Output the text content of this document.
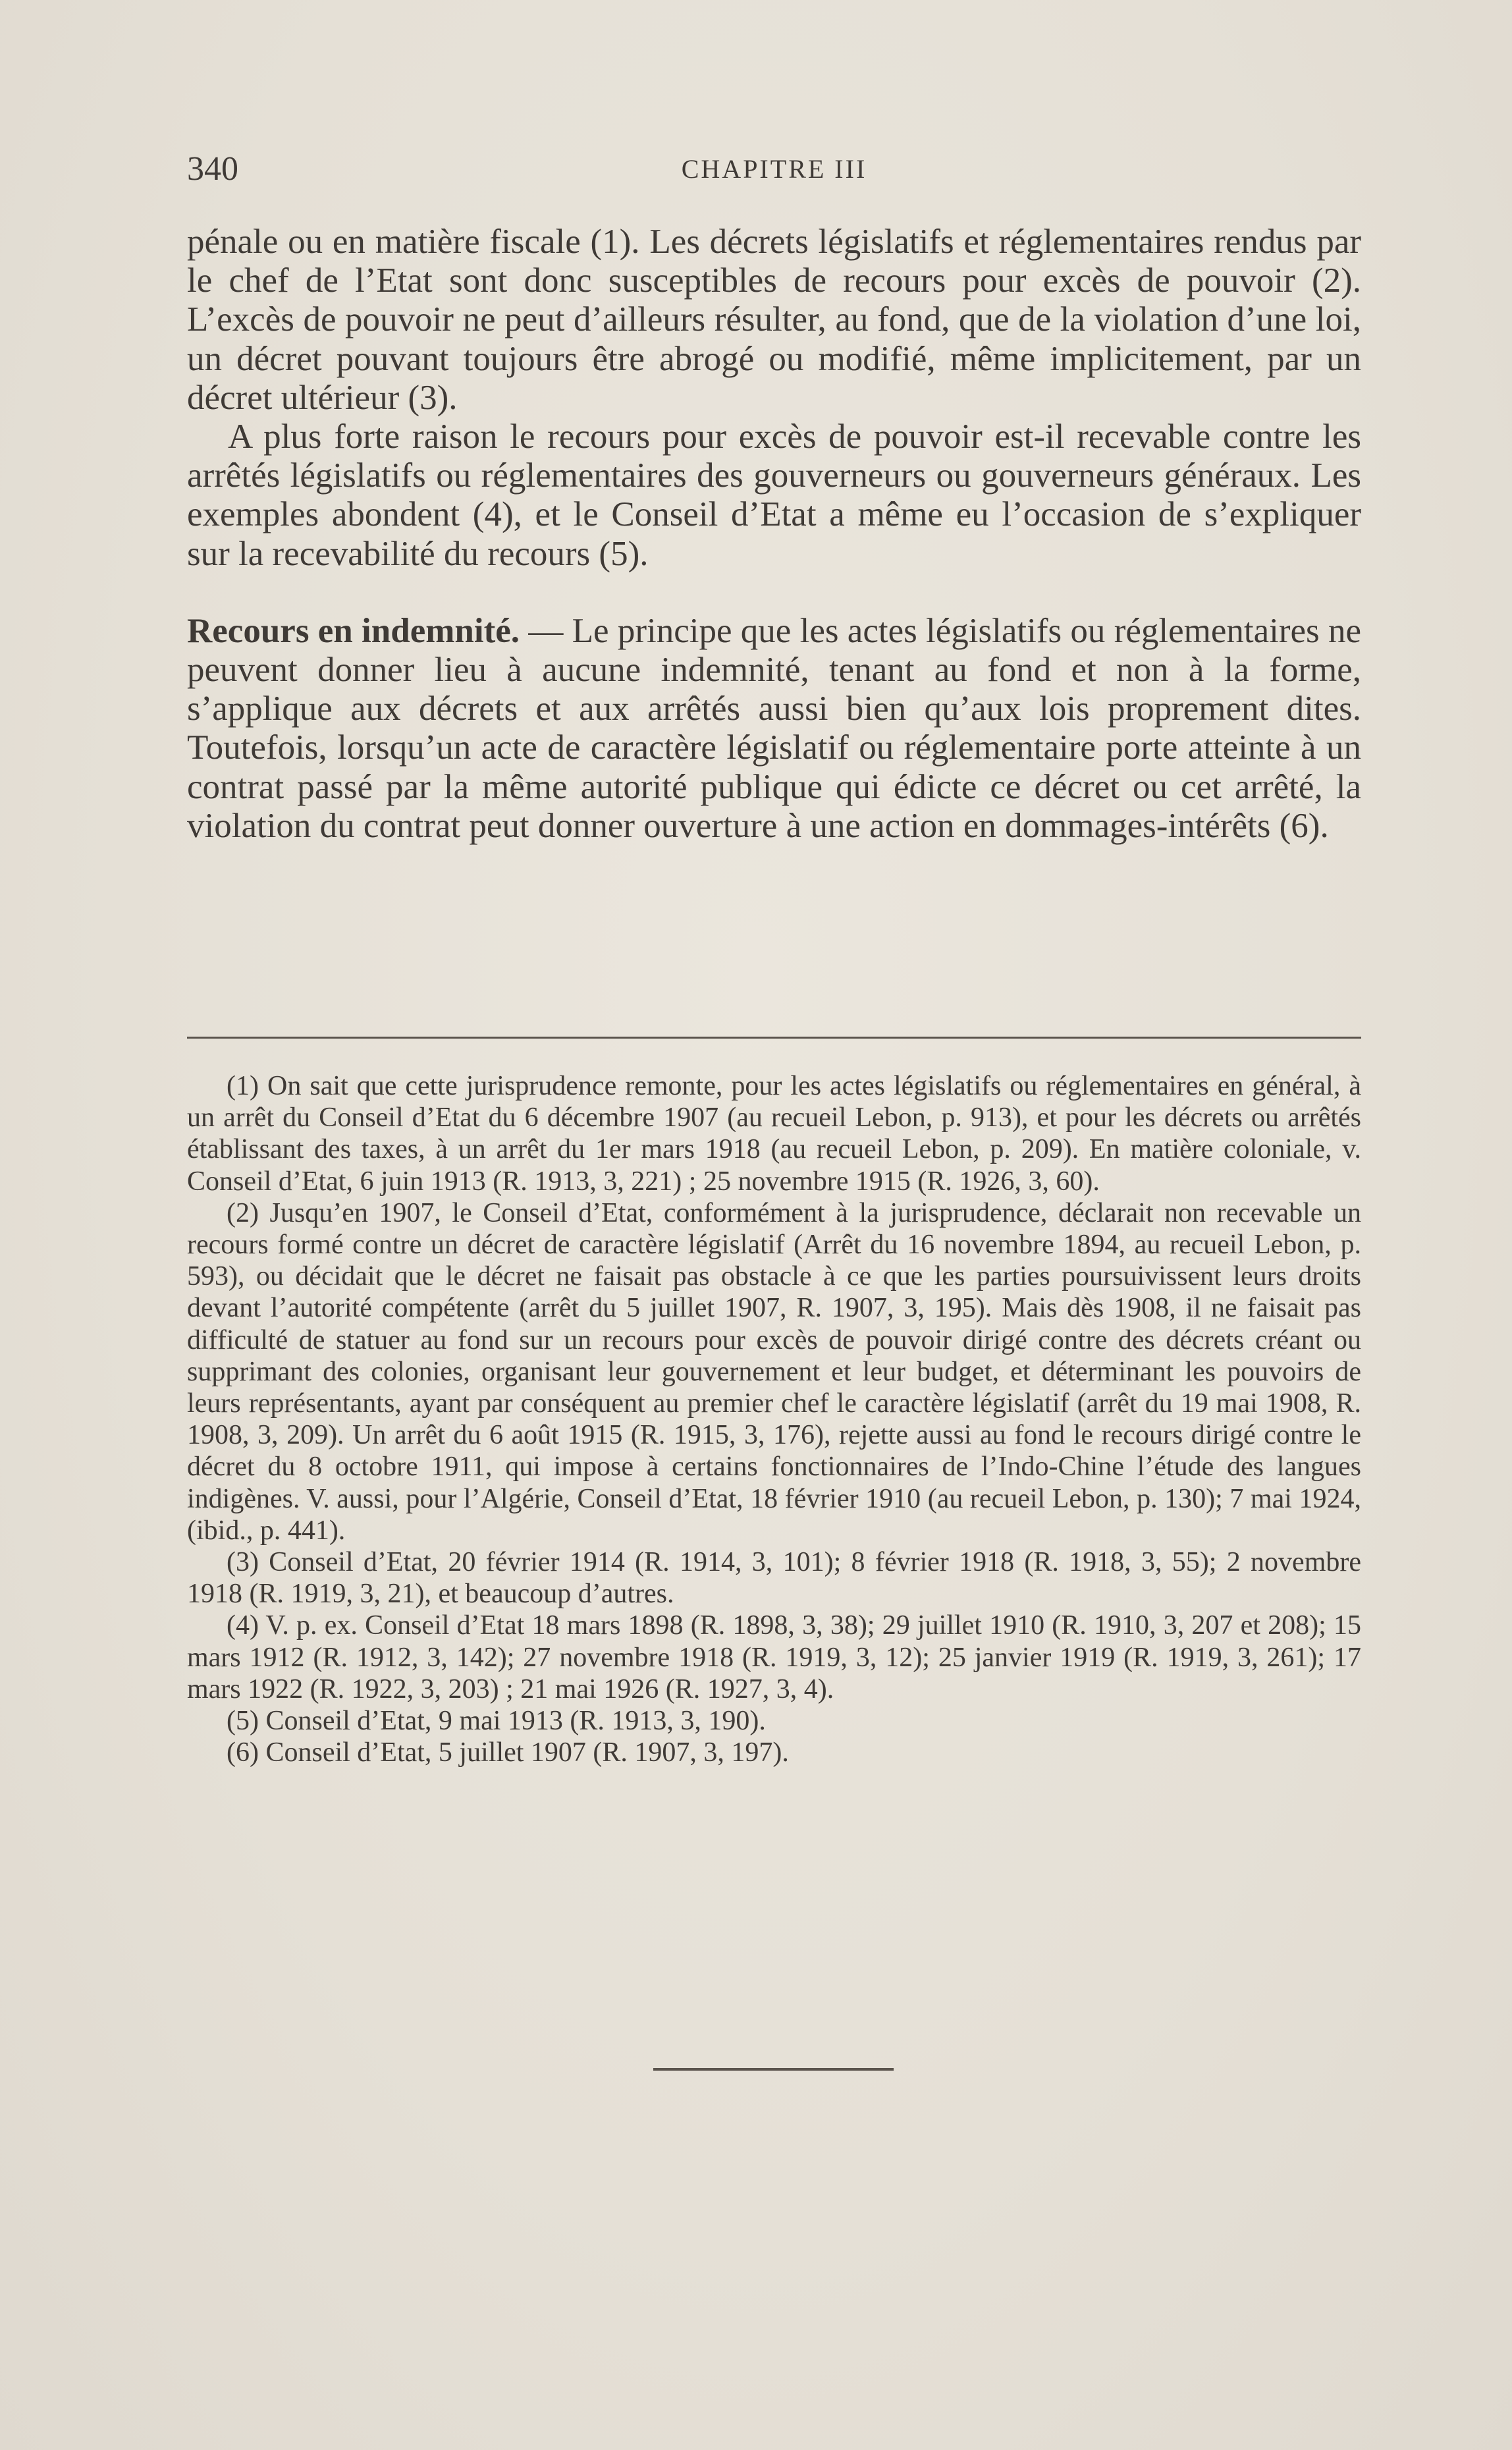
340	CHAPITRE III

pénale ou en matière fiscale (1). Les décrets législatifs et réglementaires rendus par le chef de l’Etat sont donc susceptibles de recours pour excès de pouvoir (2). L’excès de pouvoir ne peut d’ailleurs résulter, au fond, que de la violation d’une loi, un décret pouvant toujours être abrogé ou modifié, même implicitement, par un décret ultérieur (3).

A plus forte raison le recours pour excès de pouvoir est-il recevable contre les arrêtés législatifs ou réglementaires des gouverneurs ou gouverneurs généraux. Les exemples abondent (4), et le Conseil d’Etat a même eu l’occasion de s’expliquer sur la recevabilité du recours (5).

Recours en indemnité. — Le principe que les actes législatifs ou réglementaires ne peuvent donner lieu à aucune indemnité, tenant au fond et non à la forme, s’applique aux décrets et aux arrêtés aussi bien qu’aux lois proprement dites. Toutefois, lorsqu’un acte de caractère législatif ou réglementaire porte atteinte à un contrat passé par la même autorité publique qui édicte ce décret ou cet arrêté, la violation du contrat peut donner ouverture à une action en dommages-intérêts (6).

(1) On sait que cette jurisprudence remonte, pour les actes législatifs ou réglementaires en général, à un arrêt du Conseil d’Etat du 6 décembre 1907 (au recueil Lebon, p. 913), et pour les décrets ou arrêtés établissant des taxes, à un arrêt du 1er mars 1918 (au recueil Lebon, p. 209). En matière coloniale, v. Conseil d’Etat, 6 juin 1913 (R. 1913, 3, 221) ; 25 novembre 1915 (R. 1926, 3, 60).

(2) Jusqu’en 1907, le Conseil d’Etat, conformément à la jurisprudence, déclarait non recevable un recours formé contre un décret de caractère législatif (Arrêt du 16 novembre 1894, au recueil Lebon, p. 593), ou décidait que le décret ne faisait pas obstacle à ce que les parties poursuivissent leurs droits devant l’autorité compétente (arrêt du 5 juillet 1907, R. 1907, 3, 195). Mais dès 1908, il ne faisait pas difficulté de statuer au fond sur un recours pour excès de pouvoir dirigé contre des décrets créant ou supprimant des colonies, organisant leur gouvernement et leur budget, et déterminant les pouvoirs de leurs représentants, ayant par conséquent au premier chef le caractère législatif (arrêt du 19 mai 1908, R. 1908, 3, 209). Un arrêt du 6 août 1915 (R. 1915, 3, 176), rejette aussi au fond le recours dirigé contre le décret du 8 octobre 1911, qui impose à certains fonctionnaires de l’Indo-Chine l’étude des langues indigènes. V. aussi, pour l’Algérie, Conseil d’Etat, 18 février 1910 (au recueil Lebon, p. 130); 7 mai 1924, (ibid., p. 441).

(3) Conseil d’Etat, 20 février 1914 (R. 1914, 3, 101); 8 février 1918 (R. 1918, 3, 55); 2 novembre 1918 (R. 1919, 3, 21), et beaucoup d’autres.

(4) V. p. ex. Conseil d’Etat 18 mars 1898 (R. 1898, 3, 38); 29 juillet 1910 (R. 1910, 3, 207 et 208); 15 mars 1912 (R. 1912, 3, 142); 27 novembre 1918 (R. 1919, 3, 12); 25 janvier 1919 (R. 1919, 3, 261); 17 mars 1922 (R. 1922, 3, 203) ; 21 mai 1926 (R. 1927, 3, 4).

(5) Conseil d’Etat, 9 mai 1913 (R. 1913, 3, 190).

(6) Conseil d’Etat, 5 juillet 1907 (R. 1907, 3, 197).
